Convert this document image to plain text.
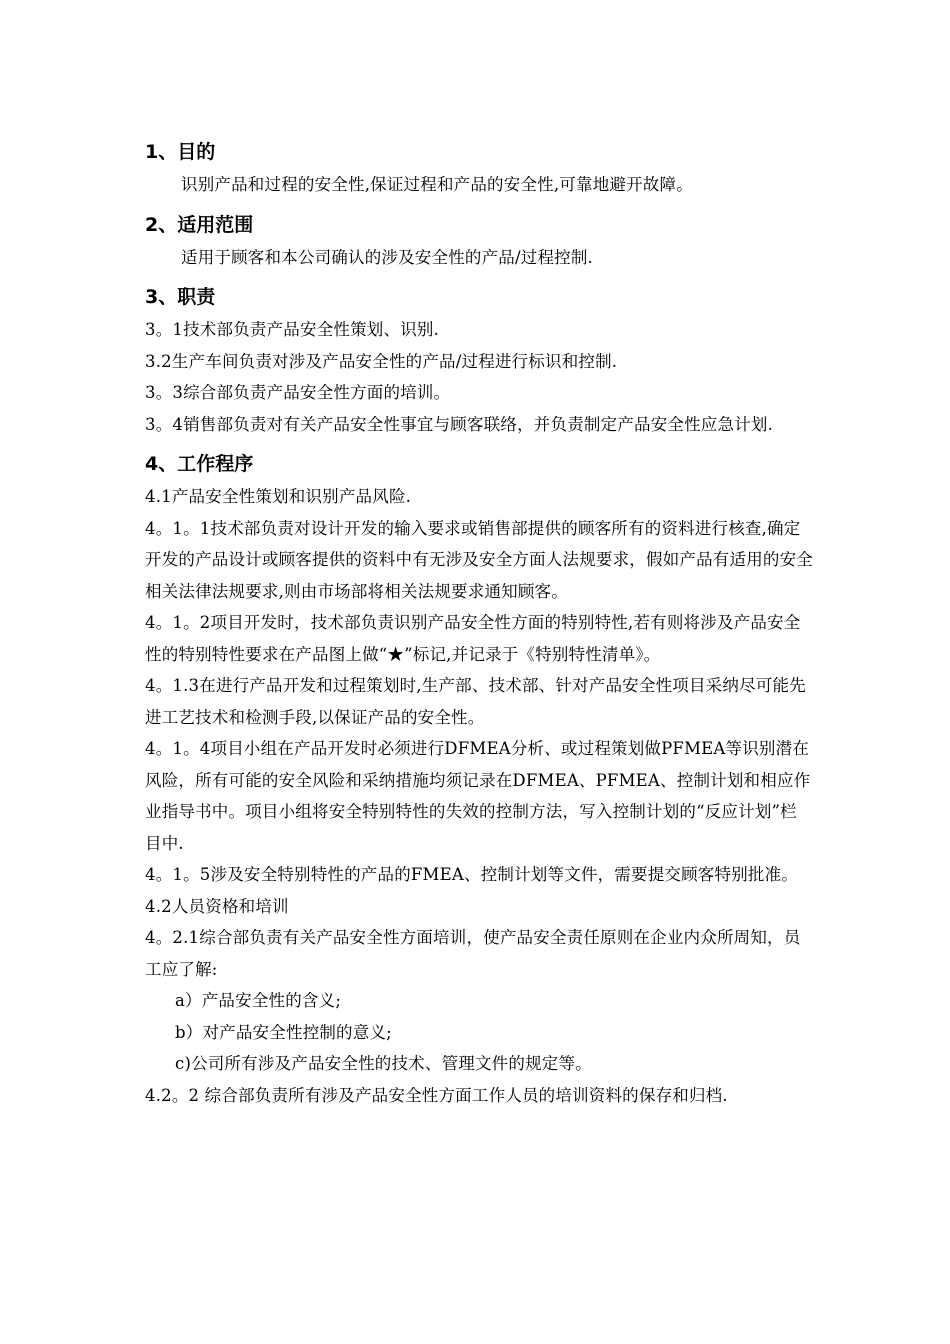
1、目的

识别产品和过程的安全性,保证过程和产品的安全性,可靠地避开故障。

2、适用范围

适用于顾客和本公司确认的涉及安全性的产品/过程控制.

3、职责

3。1技术部负责产品安全性策划、识别.

3.2生产车间负责对涉及产品安全性的产品/过程进行标识和控制.

3。3综合部负责产品安全性方面的培训。

3。4销售部负责对有关产品安全性事宜与顾客联络，并负责制定产品安全性应急计划.

4、工作程序

4.1产品安全性策划和识别产品风险.

4。1。1技术部负责对设计开发的输入要求或销售部提供的顾客所有的资料进行核查,确定开发的产品设计或顾客提供的资料中有无涉及安全方面人法规要求，假如产品有适用的安全相关法律法规要求,则由市场部将相关法规要求通知顾客。

4。1。2项目开发时，技术部负责识别产品安全性方面的特别特性,若有则将涉及产品安全性的特别特性要求在产品图上做“★”标记,并记录于《特别特性清单》。

4。1.3在进行产品开发和过程策划时,生产部、技术部、针对产品安全性项目采纳尽可能先进工艺技术和检测手段,以保证产品的安全性。

4。1。4项目小组在产品开发时必须进行DFMEA分析、或过程策划做PFMEA等识别潜在风险，所有可能的安全风险和采纳措施均须记录在DFMEA、PFMEA、控制计划和相应作业指导书中。项目小组将安全特别特性的失效的控制方法，写入控制计划的“反应计划”栏目中.

4。1。5涉及安全特别特性的产品的FMEA、控制计划等文件，需要提交顾客特别批准。

4.2人员资格和培训

4。2.1综合部负责有关产品安全性方面培训，使产品安全责任原则在企业内众所周知，员工应了解:

a）产品安全性的含义;

b）对产品安全性控制的意义;

c)公司所有涉及产品安全性的技术、管理文件的规定等。

4.2。2 综合部负责所有涉及产品安全性方面工作人员的培训资料的保存和归档.
